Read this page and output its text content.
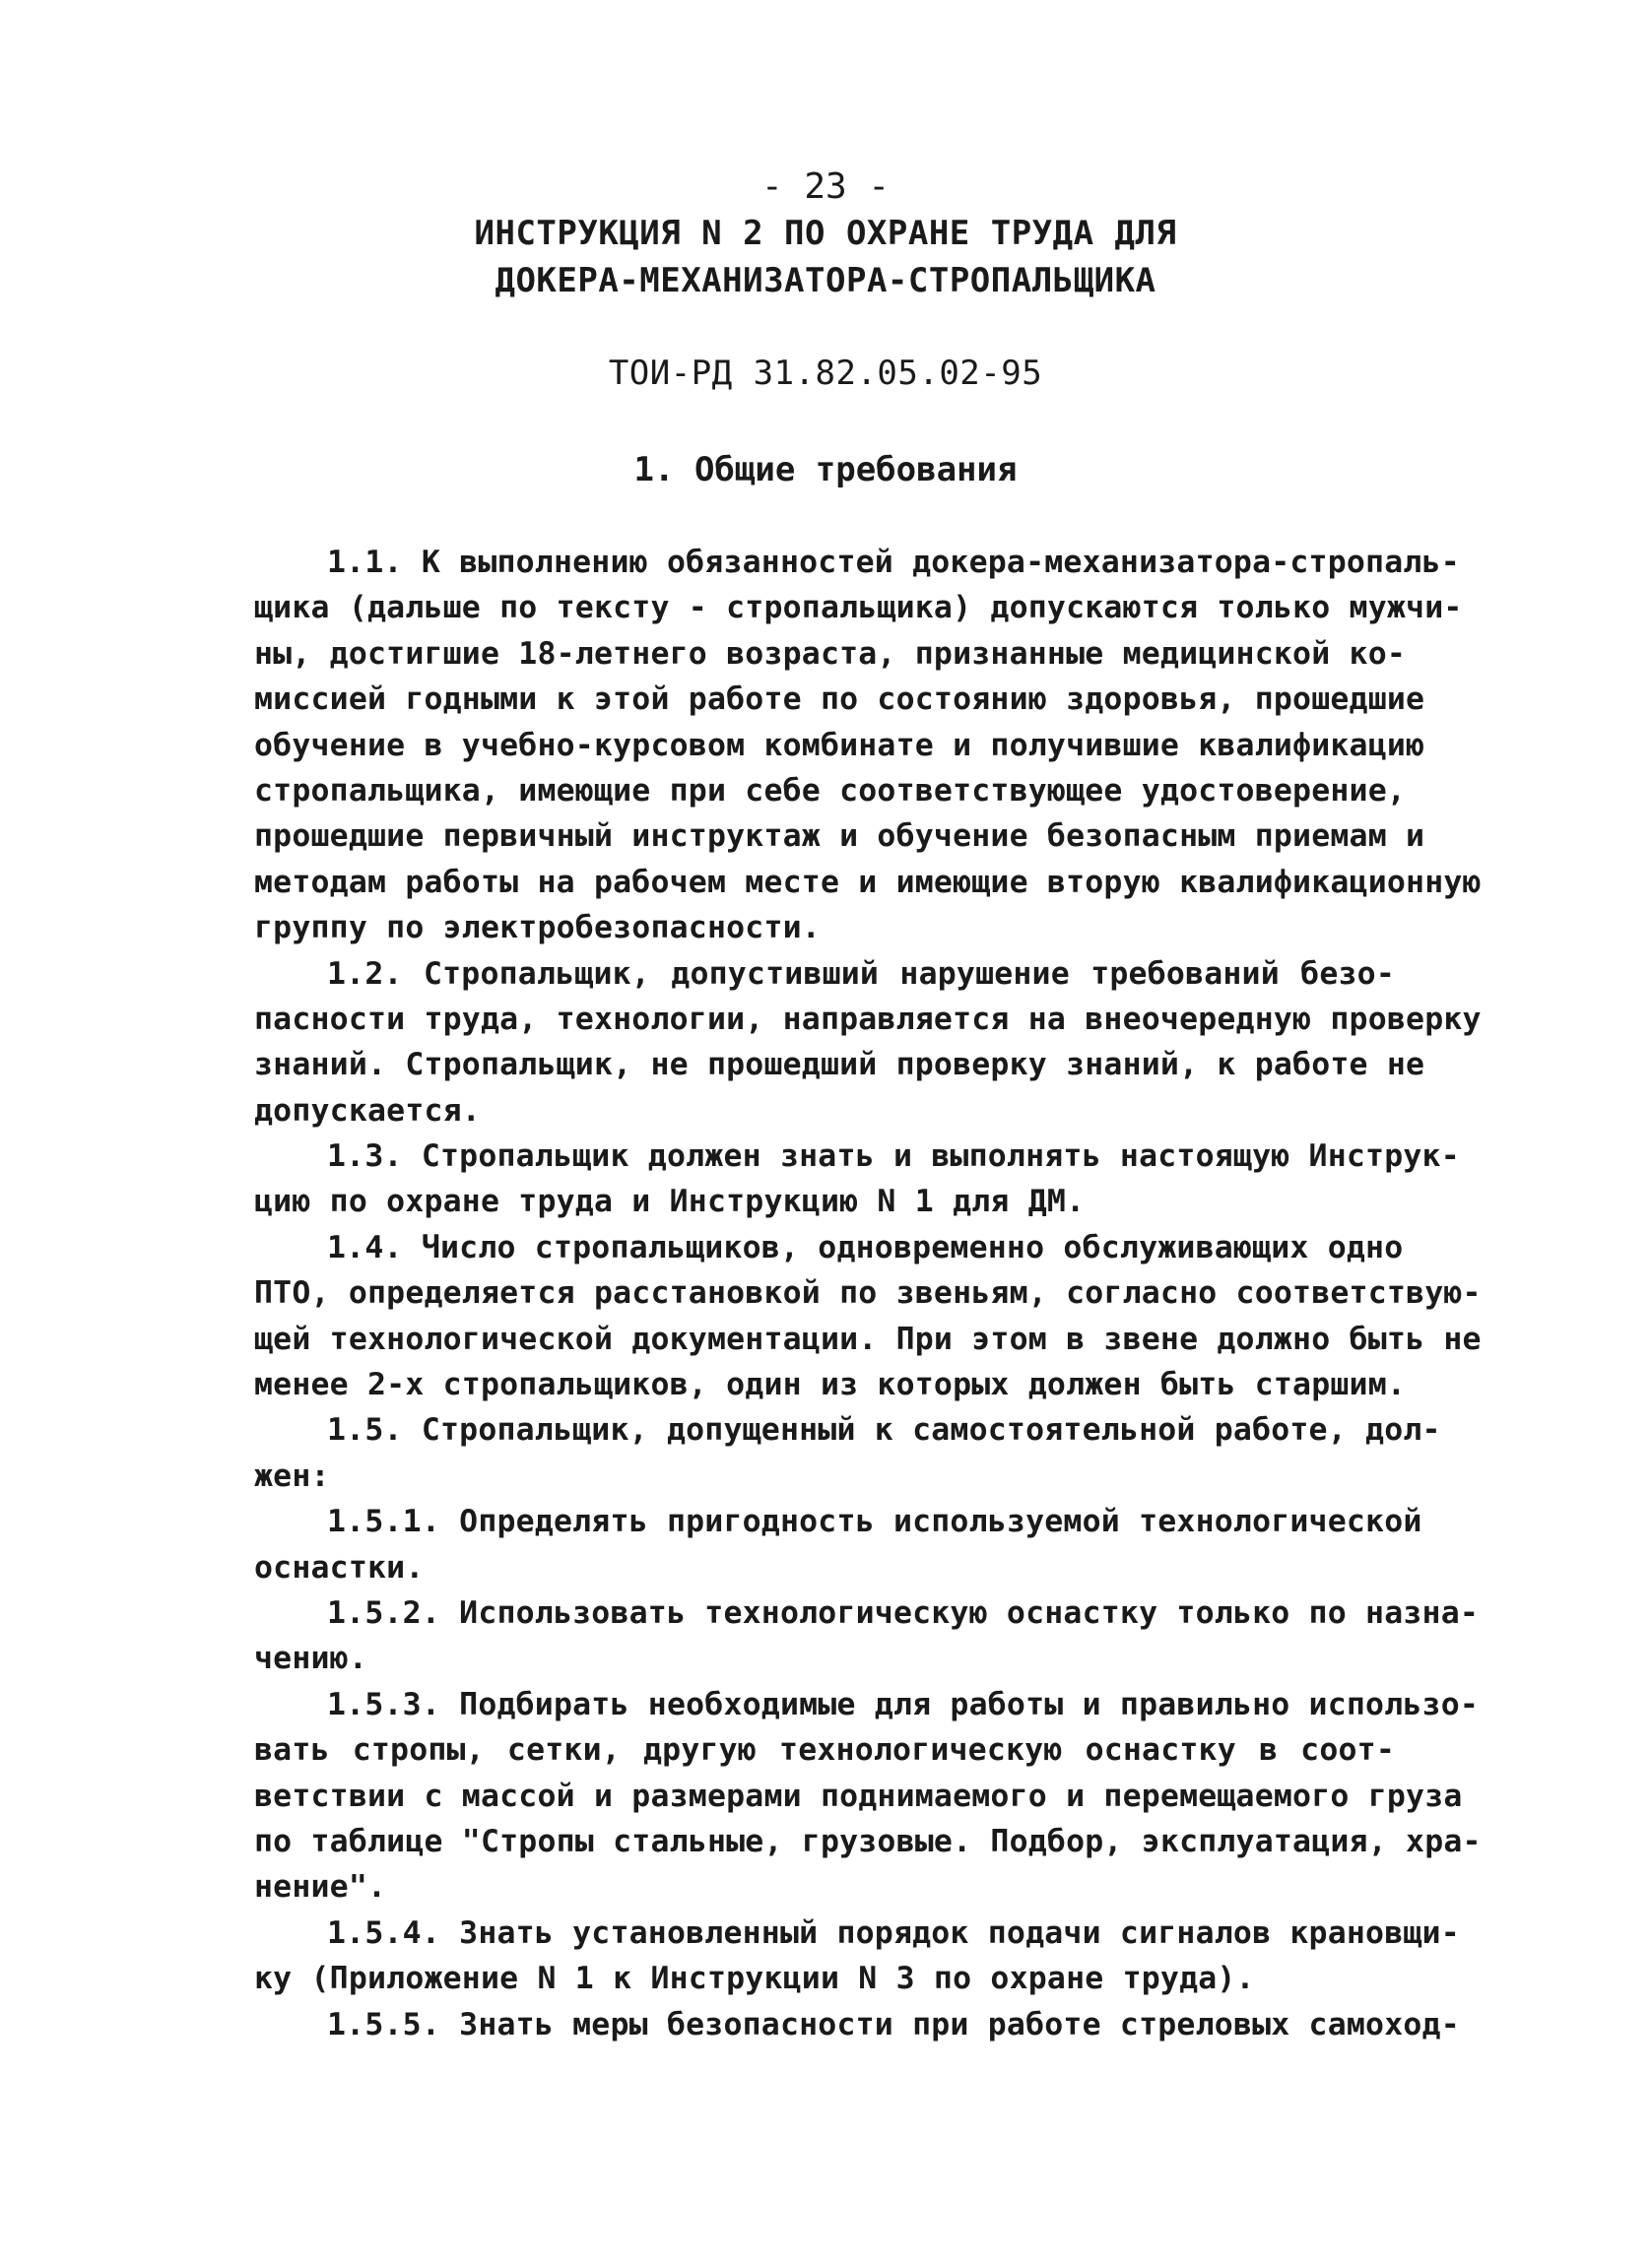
- 23 -
ИНСТРУКЦИЯ N 2 ПО ОХРАНЕ ТРУДА ДЛЯ
ДОКЕРА-МЕХАНИЗАТОРА-СТРОПАЛЬЩИКА
ТОИ-РД 31.82.05.02-95
1. Общие требования
1.1. К выполнению обязанностей докера-механизатора-стропаль-
щика (дальше по тексту - стропальщика) допускаются только мужчи-
ны, достигшие 18-летнего возраста, признанные медицинской ко-
миссией годными к этой работе по состоянию здоровья, прошедшие
обучение в учебно-курсовом комбинате и получившие квалификацию
стропальщика, имеющие при себе соответствующее удостоверение,
прошедшие первичный инструктаж и обучение безопасным приемам и
методам работы на рабочем месте и имеющие вторую квалификационную
группу по электробезопасности.
1.2. Стропальщик, допустивший нарушение требований безо-
пасности труда, технологии, направляется на внеочередную проверку
знаний. Стропальщик, не прошедший проверку знаний, к работе не
допускается.
1.3. Стропальщик должен знать и выполнять настоящую Инструк-
цию по охране труда и Инструкцию N 1 для ДМ.
1.4. Число стропальщиков, одновременно обслуживающих одно
ПТО, определяется расстановкой по звеньям, согласно соответствую-
щей технологической документации. При этом в звене должно быть не
менее 2-х стропальщиков, один из которых должен быть старшим.
1.5. Стропальщик, допущенный к самостоятельной работе, дол-
жен:
1.5.1. Определять пригодность используемой технологической
оснастки.
1.5.2. Использовать технологическую оснастку только по назна-
чению.
1.5.3. Подбирать необходимые для работы и правильно использо-
вать стропы, сетки, другую технологическую оснастку в соот-
ветствии с массой и размерами поднимаемого и перемещаемого груза
по таблице "Стропы стальные, грузовые. Подбор, эксплуатация, хра-
нение".
1.5.4. Знать установленный порядок подачи сигналов крановщи-
ку (Приложение N 1 к Инструкции N 3 по охране труда).
1.5.5. Знать меры безопасности при работе стреловых самоход-
